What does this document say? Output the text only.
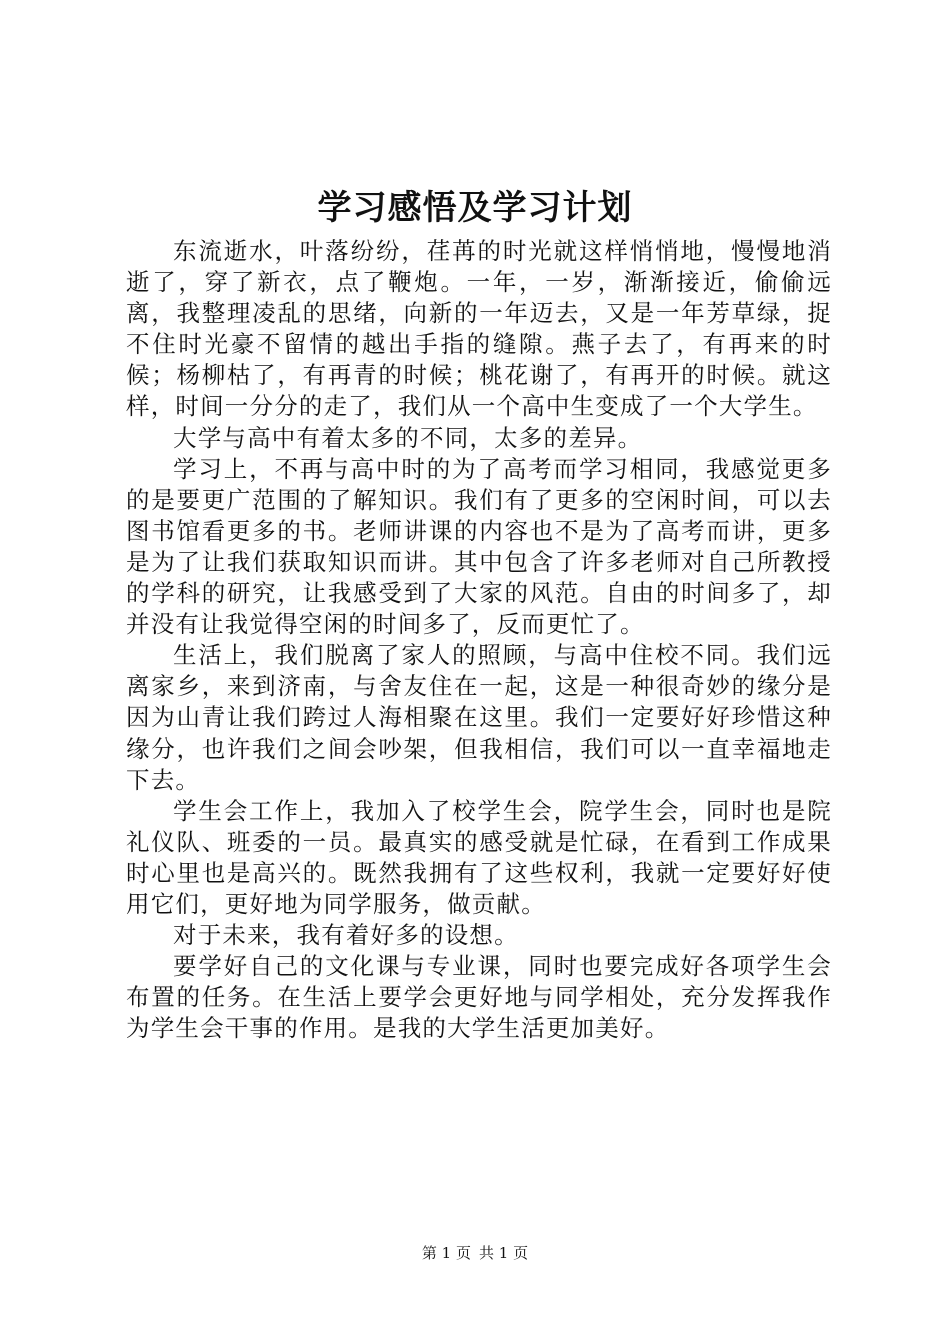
学习感悟及学习计划

东流逝水，叶落纷纷，荏苒的时光就这样悄悄地，慢慢地消逝了，穿了新衣，点了鞭炮。一年，一岁，渐渐接近，偷偷远离，我整理凌乱的思绪，向新的一年迈去，又是一年芳草绿，捉不住时光豪不留情的越出手指的缝隙。燕子去了，有再来的时候；杨柳枯了，有再青的时候；桃花谢了，有再开的时候。就这样，时间一分分的走了，我们从一个高中生变成了一个大学生。

大学与高中有着太多的不同，太多的差异。

学习上，不再与高中时的为了高考而学习相同，我感觉更多的是要更广范围的了解知识。我们有了更多的空闲时间，可以去图书馆看更多的书。老师讲课的内容也不是为了高考而讲，更多是为了让我们获取知识而讲。其中包含了许多老师对自己所教授的学科的研究，让我感受到了大家的风范。自由的时间多了，却并没有让我觉得空闲的时间多了，反而更忙了。

生活上，我们脱离了家人的照顾，与高中住校不同。我们远离家乡，来到济南，与舍友住在一起，这是一种很奇妙的缘分是因为山青让我们跨过人海相聚在这里。我们一定要好好珍惜这种缘分，也许我们之间会吵架，但我相信，我们可以一直幸福地走下去。

学生会工作上，我加入了校学生会，院学生会，同时也是院礼仪队、班委的一员。最真实的感受就是忙碌，在看到工作成果时心里也是高兴的。既然我拥有了这些权利，我就一定要好好使用它们，更好地为同学服务，做贡献。

对于未来，我有着好多的设想。

要学好自己的文化课与专业课，同时也要完成好各项学生会布置的任务。在生活上要学会更好地与同学相处，充分发挥我作为学生会干事的作用。是我的大学生活更加美好。

第 1 页 共 1 页
